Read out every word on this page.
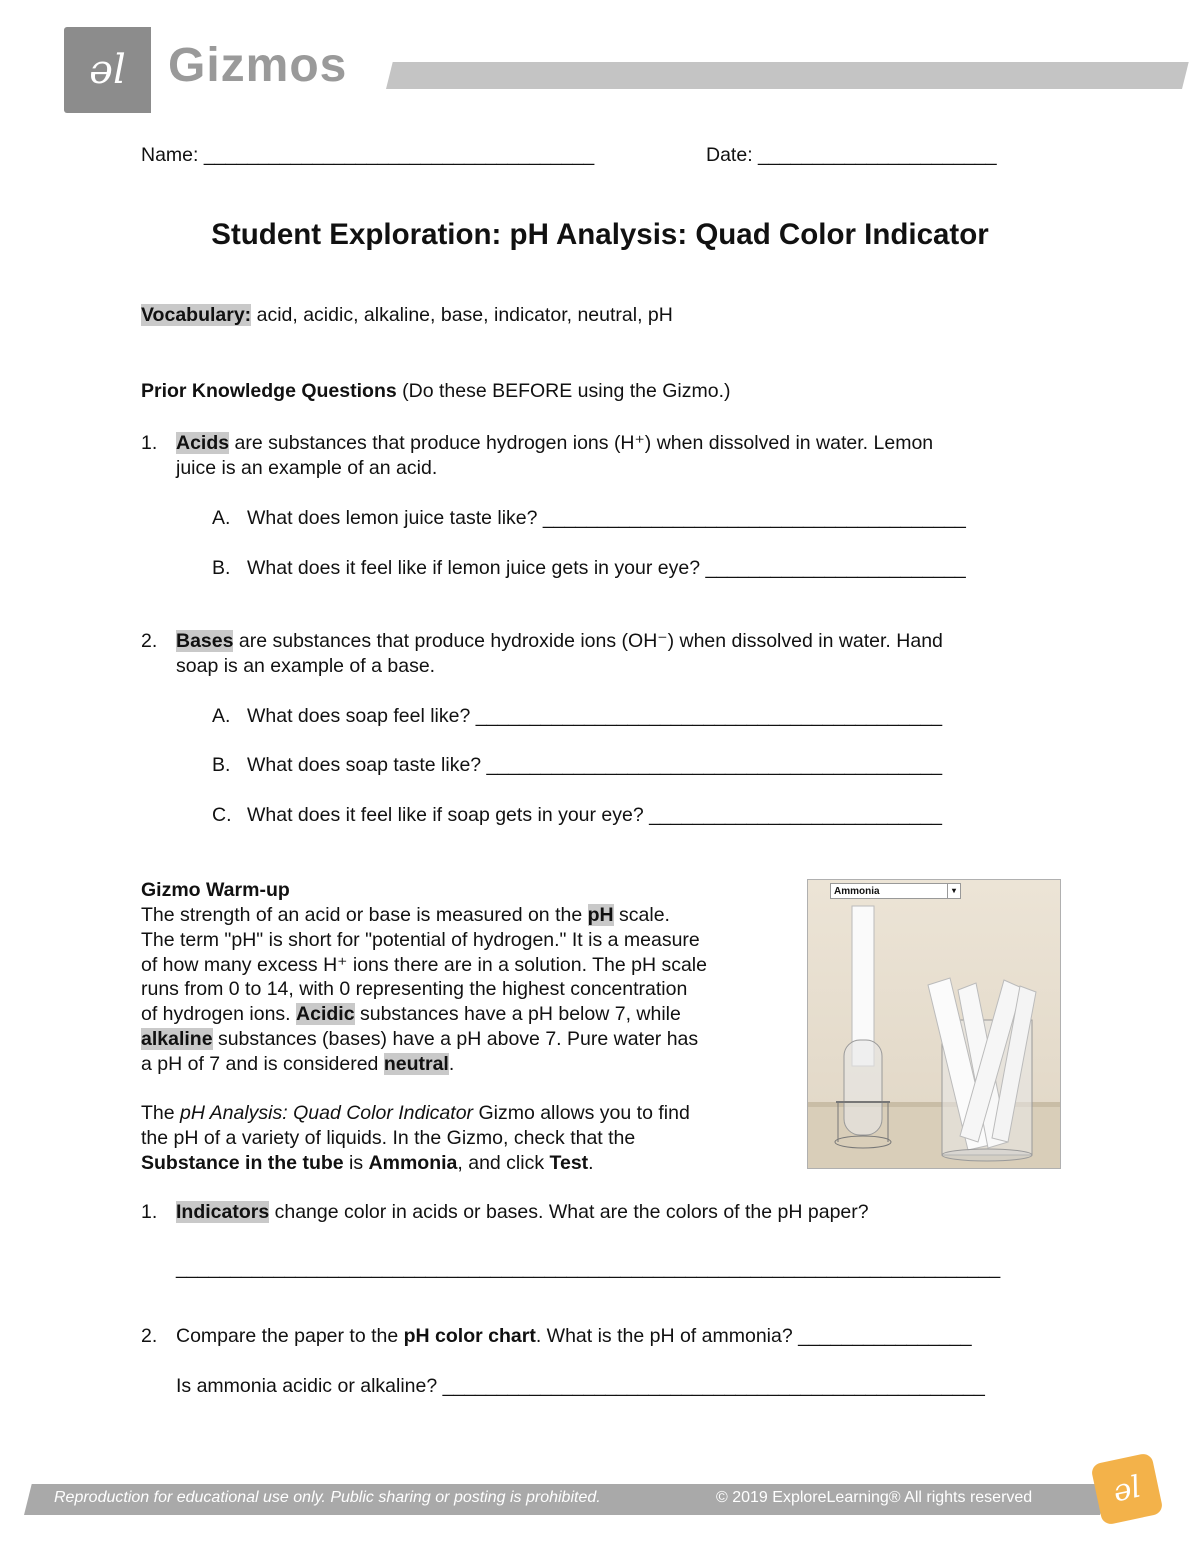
ǝl Gizmos
Name: ____________________________________	Date: ______________________
Student Exploration: pH Analysis: Quad Color Indicator
Vocabulary: acid, acidic, alkaline, base, indicator, neutral, pH
Prior Knowledge Questions (Do these BEFORE using the Gizmo.)
1. Acids are substances that produce hydrogen ions (H⁺) when dissolved in water. Lemon
juice is an example of an acid.
A. What does lemon juice taste like? _______________________________________
B. What does it feel like if lemon juice gets in your eye? ________________________
2. Bases are substances that produce hydroxide ions (OH⁻) when dissolved in water. Hand
soap is an example of a base.
A. What does soap feel like? ___________________________________________
B. What does soap taste like? __________________________________________
C. What does it feel like if soap gets in your eye? ___________________________
Gizmo Warm-up
The strength of an acid or base is measured on the pH scale.
The term "pH" is short for "potential of hydrogen." It is a measure
of how many excess H⁺ ions there are in a solution. The pH scale
runs from 0 to 14, with 0 representing the highest concentration
of hydrogen ions. Acidic substances have a pH below 7, while
alkaline substances (bases) have a pH above 7. Pure water has
a pH of 7 and is considered neutral.
The pH Analysis: Quad Color Indicator Gizmo allows you to find
the pH of a variety of liquids. In the Gizmo, check that the
Substance in the tube is Ammonia, and click Test.
Ammonia	▾
1. Indicators change color in acids or bases. What are the colors of the pH paper?
____________________________________________________________________________
2. Compare the paper to the pH color chart. What is the pH of ammonia? ________________
Is ammonia acidic or alkaline? __________________________________________________
Reproduction for educational use only. Public sharing or posting is prohibited.	© 2019 ExploreLearning® All rights reserved	ǝl
